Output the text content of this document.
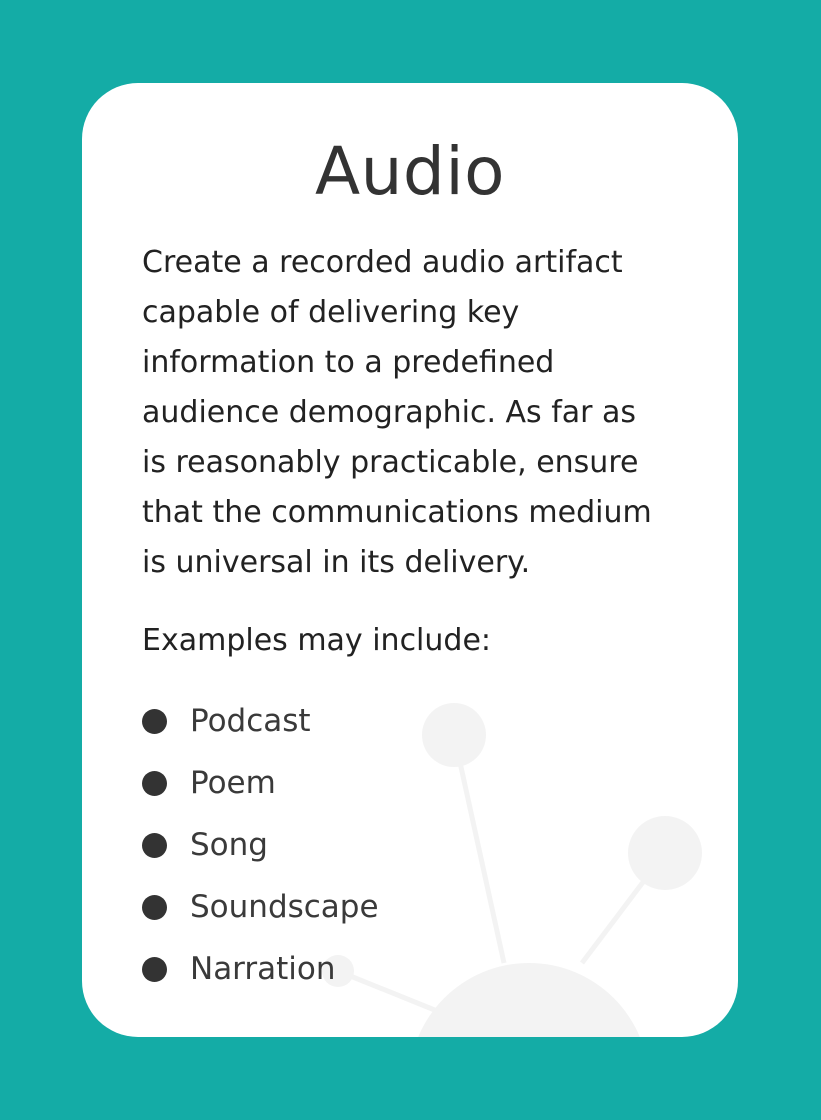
Audio

Create a recorded audio artifact
capable of delivering key
information to a predefined
audience demographic. As far as
is reasonably practicable, ensure
that the communications medium
is universal in its delivery.

Examples may include:

Podcast
Poem
Song
Soundscape
Narration
